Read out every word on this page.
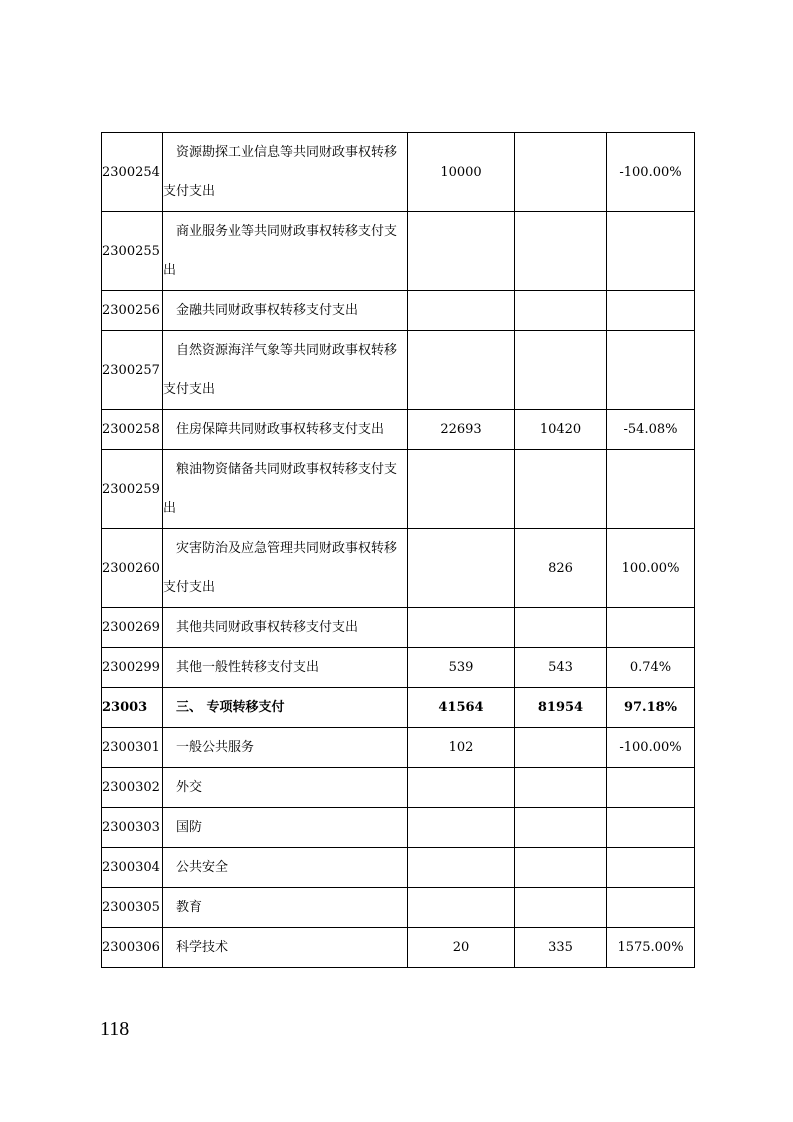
2300254	资源勘探工业信息等共同财政事权转移支付支出	10000		-100.00%
2300255	商业服务业等共同财政事权转移支付支出			
2300256	金融共同财政事权转移支付支出			
2300257	自然资源海洋气象等共同财政事权转移支付支出			
2300258	住房保障共同财政事权转移支付支出	22693	10420	-54.08%
2300259	粮油物资储备共同财政事权转移支付支出			
2300260	灾害防治及应急管理共同财政事权转移支付支出		826	100.00%
2300269	其他共同财政事权转移支付支出			
2300299	其他一般性转移支付支出	539	543	0.74%
23003	三、 专项转移支付	41564	81954	97.18%
2300301	一般公共服务	102		-100.00%
2300302	外交			
2300303	国防			
2300304	公共安全			
2300305	教育			
2300306	科学技术	20	335	1575.00%
118
